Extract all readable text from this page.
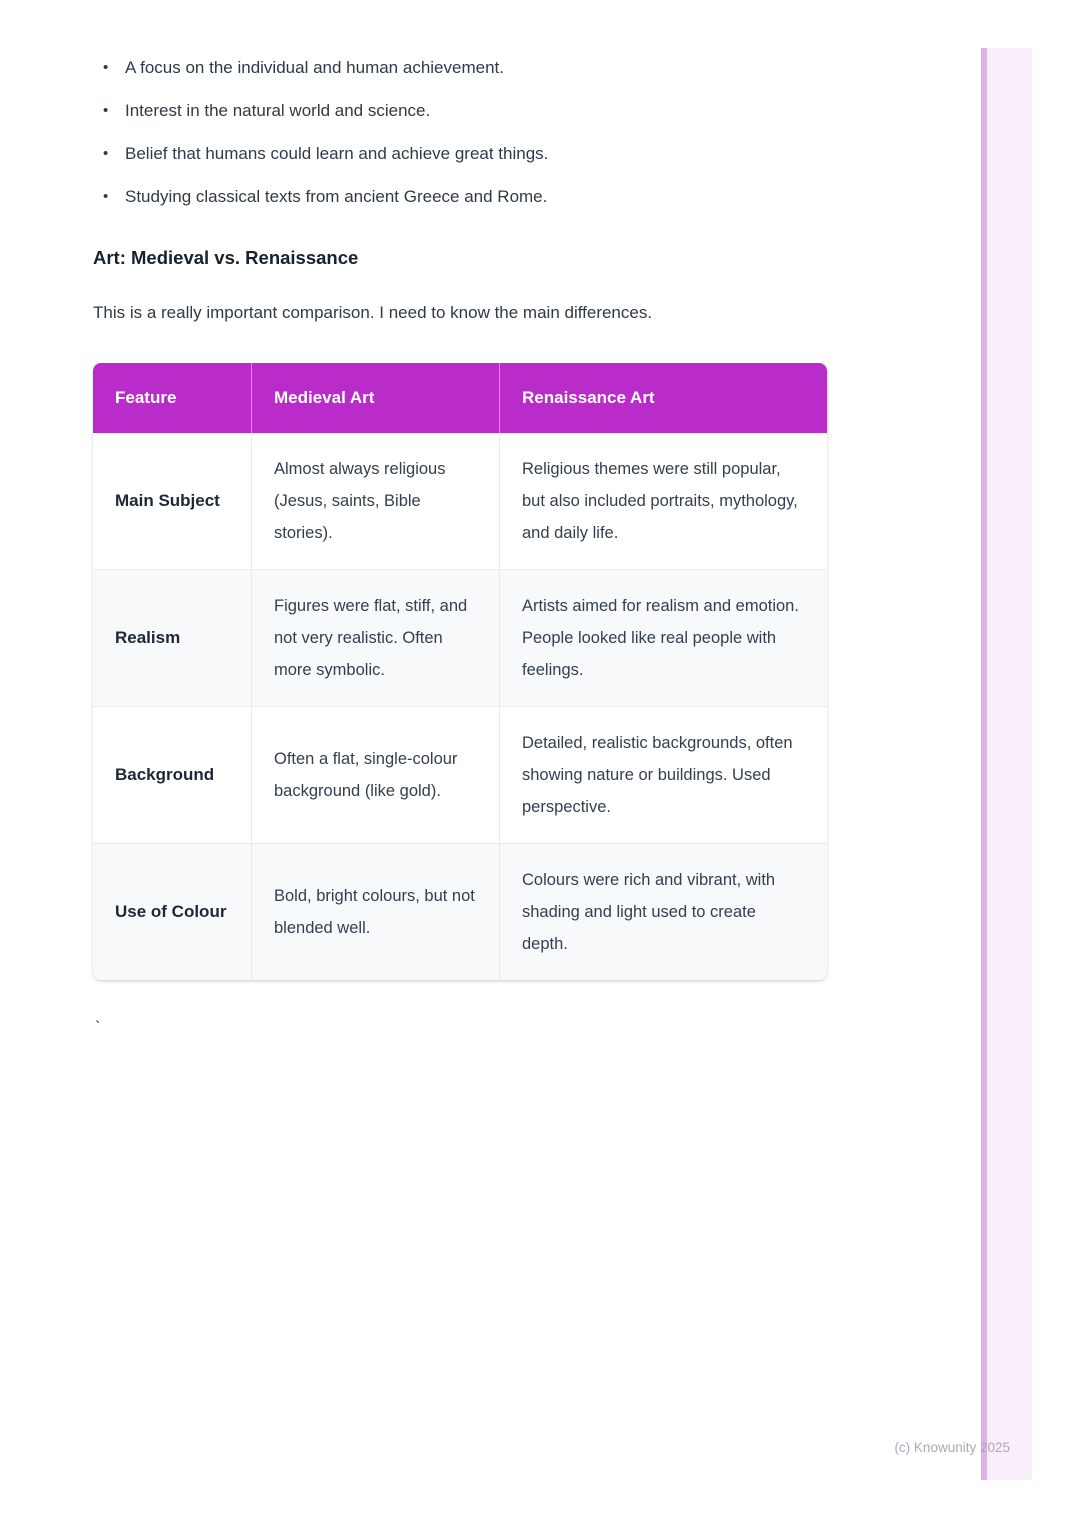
• A focus on the individual and human achievement.
• Interest in the natural world and science.
• Belief that humans could learn and achieve great things.
• Studying classical texts from ancient Greece and Rome.
Art: Medieval vs. Renaissance

This is a really important comparison. I need to know the main differences.

Feature	Medieval Art	Renaissance Art
Main Subject	Almost always religious (Jesus, saints, Bible stories).	Religious themes were still popular, but also included portraits, mythology, and daily life.
Realism	Figures were flat, stiff, and not very realistic. Often more symbolic.	Artists aimed for realism and emotion. People looked like real people with feelings.
Background	Often a flat, single-colour background (like gold).	Detailed, realistic backgrounds, often showing nature or buildings. Used perspective.
Use of Colour	Bold, bright colours, but not blended well.	Colours were rich and vibrant, with shading and light used to create depth.
`
(c) Knowunity 2025
